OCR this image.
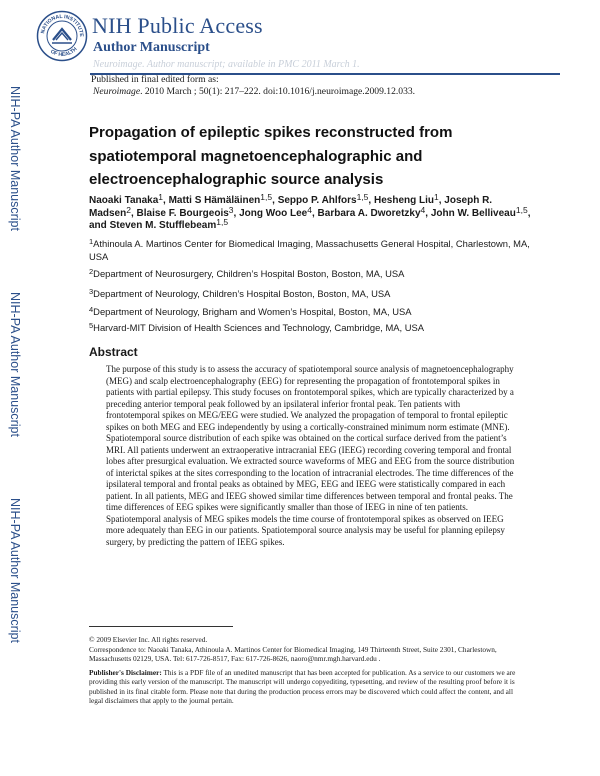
NATIONAL INSTITUTE
OF HEALTH
NIH Public Access
Author Manuscript
Neuroimage. Author manuscript; available in PMC 2011 March 1.
NIH-PA Author Manuscript
NIH-PA Author Manuscript
NIH-PA Author Manuscript
Published in final edited form as:
Neuroimage. 2010 March ; 50(1): 217–222. doi:10.1016/j.neuroimage.2009.12.033.
Propagation of epileptic spikes reconstructed from
spatiotemporal magnetoencephalographic and
electroencephalographic source analysis
Naoaki Tanaka$^1$, Matti S Hämäläinen$^{1,5}$, Seppo P. Ahlfors$^{1,5}$, Hesheng Liu$^1$, Joseph R. Madsen$^2$, Blaise F. Bourgeois$^3$, Jong Woo Lee$^4$, Barbara A. Dworetzky$^4$, John W. Belliveau$^{1,5}$, and Steven M. Stufflebeam$^{1,5}$
$^1$Athinoula A. Martinos Center for Biomedical Imaging, Massachusetts General Hospital, Charlestown, MA, USA
$^2$Department of Neurosurgery, Children’s Hospital Boston, Boston, MA, USA
$^3$Department of Neurology, Children’s Hospital Boston, Boston, MA, USA
$^4$Department of Neurology, Brigham and Women’s Hospital, Boston, MA, USA
$^5$Harvard-MIT Division of Health Sciences and Technology, Cambridge, MA, USA
Abstract
The purpose of this study is to assess the accuracy of spatiotemporal source analysis of magnetoencephalography (MEG) and scalp electroencephalography (EEG) for representing the propagation of frontotemporal spikes in patients with partial epilepsy. This study focuses on frontotemporal spikes, which are typically characterized by a preceding anterior temporal peak followed by an ipsilateral inferior frontal peak. Ten patients with frontotemporal spikes on MEG/EEG were studied. We analyzed the propagation of temporal to frontal epileptic spikes on both MEG and EEG independently by using a cortically-constrained minimum norm estimate (MNE). Spatiotemporal source distribution of each spike was obtained on the cortical surface derived from the patient’s MRI. All patients underwent an extraoperative intracranial EEG (IEEG) recording covering temporal and frontal lobes after presurgical evaluation. We extracted source waveforms of MEG and EEG from the source distribution of interictal spikes at the sites corresponding to the location of intracranial electrodes. The time differences of the ipsilateral temporal and frontal peaks as obtained by MEG, EEG and IEEG were statistically compared in each patient. In all patients, MEG and IEEG showed similar time differences between temporal and frontal peaks. The time differences of EEG spikes were significantly smaller than those of IEEG in nine of ten patients. Spatiotemporal analysis of MEG spikes models the time course of frontotemporal spikes as observed on IEEG more adequately than EEG in our patients. Spatiotemporal source analysis may be useful for planning epilepsy surgery, by predicting the pattern of IEEG spikes.
© 2009 Elsevier Inc. All rights reserved.
Correspondence to: Naoaki Tanaka, Athinoula A. Martinos Center for Biomedical Imaging, 149 Thirteenth Street, Suite 2301, Charlestown, Massachusetts 02129, USA. Tel: 617-726-8517, Fax: 617-726-8626, naoro@nmr.mgh.harvard.edu .
Publisher's Disclaimer: This is a PDF file of an unedited manuscript that has been accepted for publication. As a service to our customers we are providing this early version of the manuscript. The manuscript will undergo copyediting, typesetting, and review of the resulting proof before it is published in its final citable form. Please note that during the production process errors may be discovered which could affect the content, and all legal disclaimers that apply to the journal pertain.
